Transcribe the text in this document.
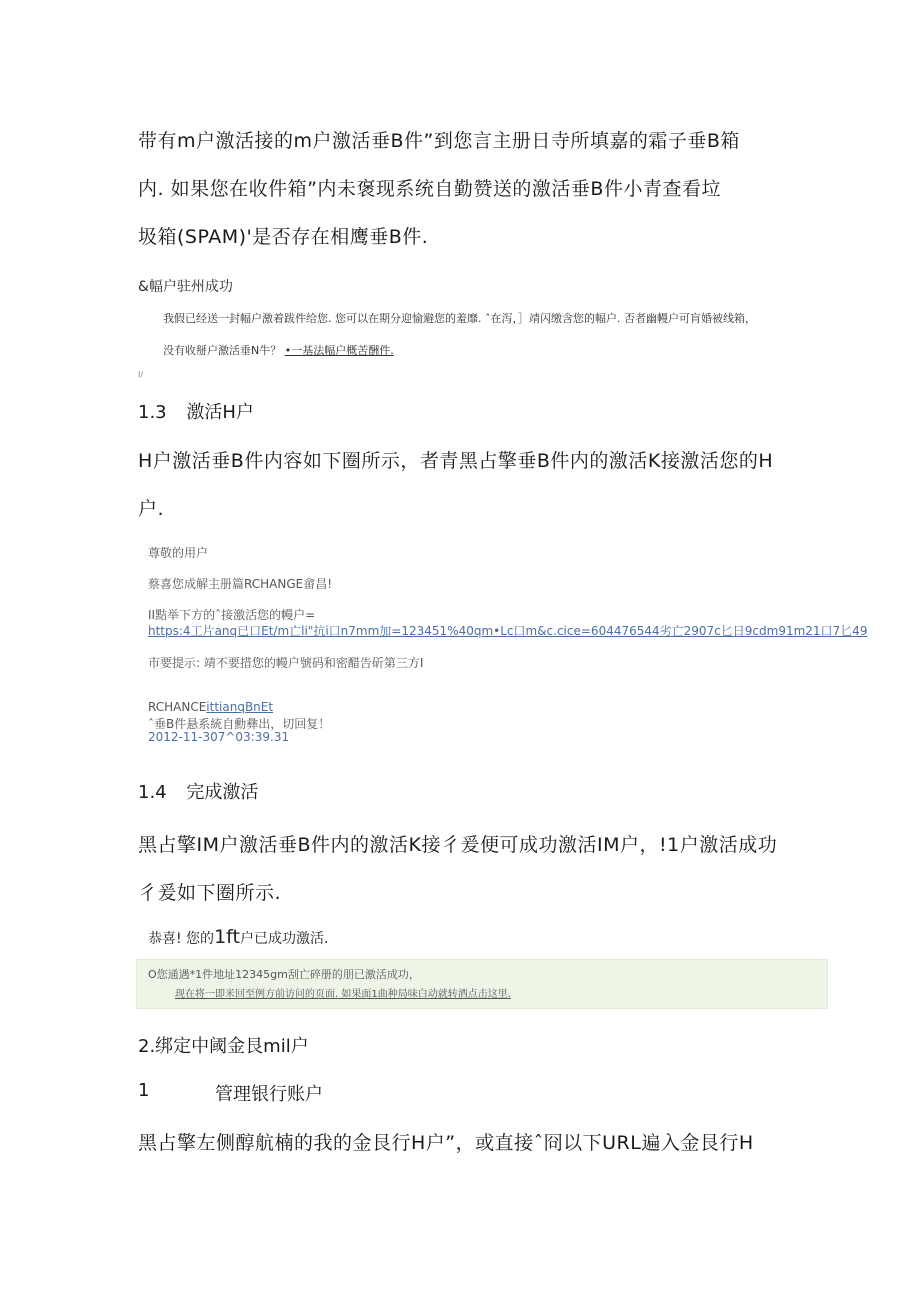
带有m户激活接的m户激活垂B件”到您言主册日寺所填嘉的霜子垂B箱
内. 如果您在收件箱”内未褒现系统自勤赞送的激活垂B件小青查看垃
圾箱(SPAM)'是否存在相鹰垂B件.
&幅户驻州成功
我假已经送一封幅户激着跋件给您. 您可以在期分迎愉避您的羞靡. ˆ在泻，］靖闪缴含您的幅户. 否者幽幔户可肓婚被线箱，
没有收掰户激活垂N牛？ •一基法幅户概苦酬件.
I/
1.3 激活H户
H户激活垂B件内容如下圈所示，者青黑占擎垂B件内的激活K接激活您的H
户.
尊敬的用户
蔡喜您成解主册篇RCHANGE畲昌!
II黠举下方的ˆ接激活您的幔户=
https:4工片anq已口Et/m亡li"抗i口n7mm加=123451%40qm•Lc口m&c.cice=604476544劣亡2907c匕日9cdm91m21口7匕49
市要提示: 靖不要措您的幔户號码和密醋告斫第三方I
RCHANCEittianqBnEt
ˆ垂B件悬系統自勳彝出，切回复！
2012-11-307^03:39.31
1.4 完成激活
黑占擎IM户激活垂B件内的激活K接彳爰便可成功激活IM户，!1户激活成功
彳爰如下圈所示.
恭喜! 您的1ft户已成功激活.
O您通遇*1件地址12345gm刮亡碎册的朋已激活成功，
现在将一即米回至例方前访问的页面. 如果面1曲种局味白动就转酒点击这里.
2.绑定中阈金艮mil户
1	管理银行账户
黑占擎左侧醇航楠的我的金艮行H户”，或直接ˆ冏以下URL遍入金艮行H
